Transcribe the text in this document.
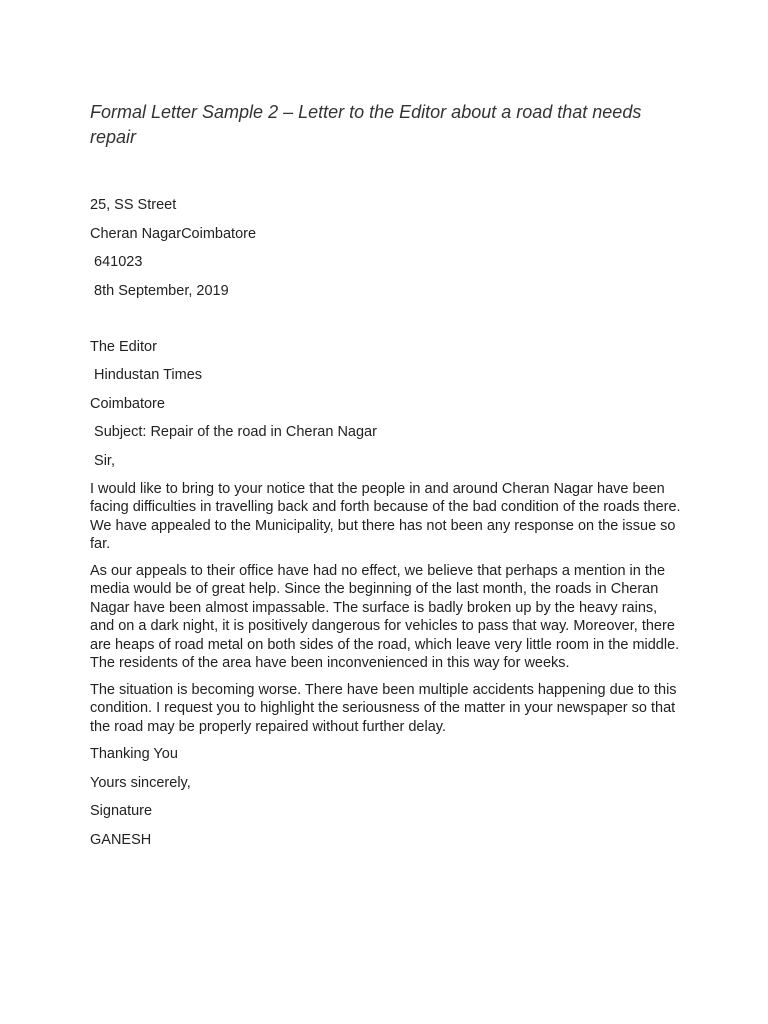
Formal Letter Sample 2 – Letter to the Editor about a road that needs repair

25, SS Street

Cheran NagarCoimbatore

641023

8th September, 2019

The Editor

Hindustan Times

Coimbatore

Subject: Repair of the road in Cheran Nagar

Sir,

I would like to bring to your notice that the people in and around Cheran Nagar have been facing difficulties in travelling back and forth because of the bad condition of the roads there. We have appealed to the Municipality, but there has not been any response on the issue so far.

As our appeals to their office have had no effect, we believe that perhaps a mention in the media would be of great help. Since the beginning of the last month, the roads in Cheran Nagar have been almost impassable. The surface is badly broken up by the heavy rains, and on a dark night, it is positively dangerous for vehicles to pass that way. Moreover, there are heaps of road metal on both sides of the road, which leave very little room in the middle. The residents of the area have been inconvenienced in this way for weeks.

The situation is becoming worse. There have been multiple accidents happening due to this condition. I request you to highlight the seriousness of the matter in your newspaper so that the road may be properly repaired without further delay.

Thanking You

Yours sincerely,

Signature

GANESH
